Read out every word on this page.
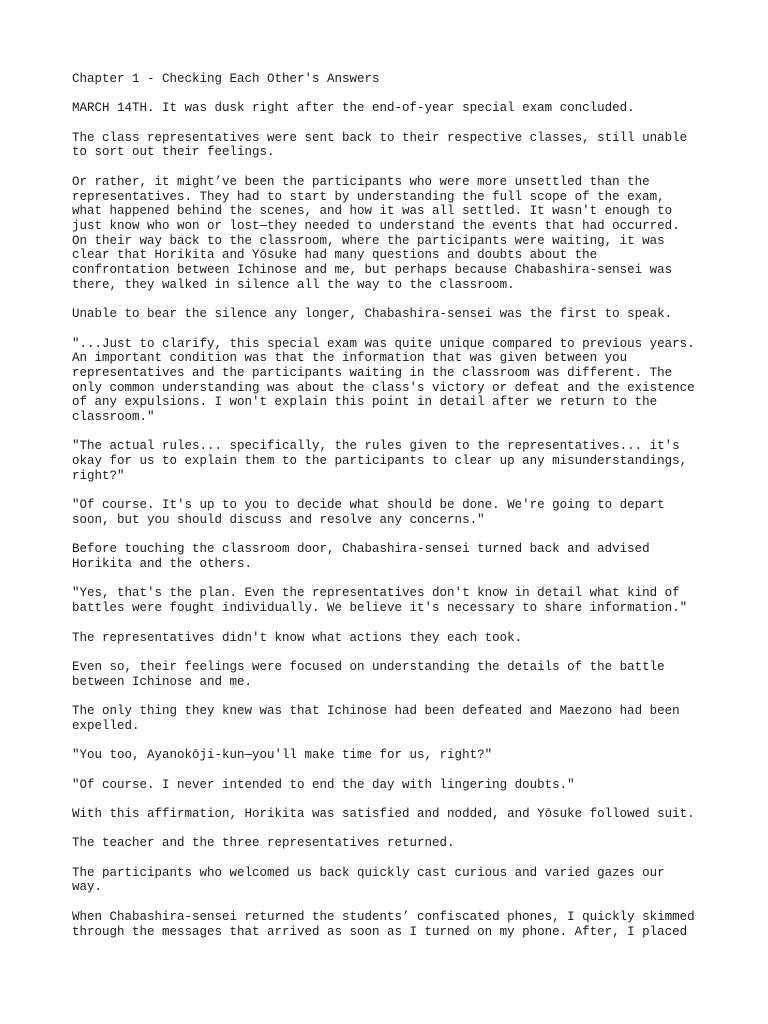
Chapter 1 - Checking Each Other's Answers

MARCH 14TH. It was dusk right after the end-of-year special exam concluded.

The class representatives were sent back to their respective classes, still unable
to sort out their feelings.

Or rather, it might’ve been the participants who were more unsettled than the
representatives. They had to start by understanding the full scope of the exam,
what happened behind the scenes, and how it was all settled. It wasn't enough to
just know who won or lost—they needed to understand the events that had occurred.
On their way back to the classroom, where the participants were waiting, it was
clear that Horikita and Yōsuke had many questions and doubts about the
confrontation between Ichinose and me, but perhaps because Chabashira-sensei was
there, they walked in silence all the way to the classroom.

Unable to bear the silence any longer, Chabashira-sensei was the first to speak.

"...Just to clarify, this special exam was quite unique compared to previous years.
An important condition was that the information that was given between you
representatives and the participants waiting in the classroom was different. The
only common understanding was about the class's victory or defeat and the existence
of any expulsions. I won't explain this point in detail after we return to the
classroom."

"The actual rules... specifically, the rules given to the representatives... it's
okay for us to explain them to the participants to clear up any misunderstandings,
right?"

"Of course. It's up to you to decide what should be done. We're going to depart
soon, but you should discuss and resolve any concerns."

Before touching the classroom door, Chabashira-sensei turned back and advised
Horikita and the others.

"Yes, that's the plan. Even the representatives don't know in detail what kind of
battles were fought individually. We believe it's necessary to share information."

The representatives didn't know what actions they each took.

Even so, their feelings were focused on understanding the details of the battle
between Ichinose and me.

The only thing they knew was that Ichinose had been defeated and Maezono had been
expelled.

"You too, Ayanokōji-kun—you'll make time for us, right?"

"Of course. I never intended to end the day with lingering doubts."

With this affirmation, Horikita was satisfied and nodded, and Yōsuke followed suit.

The teacher and the three representatives returned.

The participants who welcomed us back quickly cast curious and varied gazes our
way.

When Chabashira-sensei returned the students’ confiscated phones, I quickly skimmed
through the messages that arrived as soon as I turned on my phone. After, I placed
